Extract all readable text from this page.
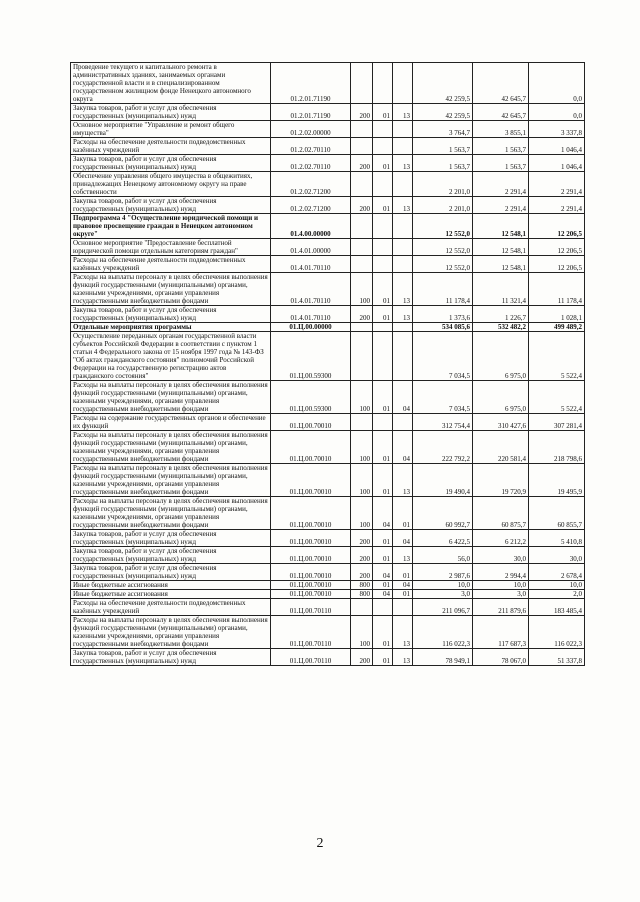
Проведение текущего и капитального ремонта в административных зданиях, занимаемых органами государственной власти и в специализированном государственном жилищном фонде Ненецкого автономного округа	01.2.01.71190				42 259,5	42 645,7	0,0
Закупка товаров, работ и услуг для обеспечения государственных (муниципальных) нужд	01.2.01.71190	200	01	13	42 259,5	42 645,7	0,0
Основное мероприятие "Управление и ремонт общего имущества"	01.2.02.00000				3 764,7	3 855,1	3 337,8
Расходы на обеспечение деятельности подведомственных казённых учреждений	01.2.02.70110				1 563,7	1 563,7	1 046,4
Закупка товаров, работ и услуг для обеспечения государственных (муниципальных) нужд	01.2.02.70110	200	01	13	1 563,7	1 563,7	1 046,4
Обеспечение управления общего имущества в общежитиях, принадлежащих Ненецкому автономному округу на праве собственности	01.2.02.71200				2 201,0	2 291,4	2 291,4
Закупка товаров, работ и услуг для обеспечения государственных (муниципальных) нужд	01.2.02.71200	200	01	13	2 201,0	2 291,4	2 291,4
Подпрограмма 4 "Осуществление юридической помощи и правовое просвещение граждан в Ненецком автономном округе"	01.4.00.00000				12 552,0	12 548,1	12 206,5
Основное мероприятие "Предоставление бесплатной юридической помощи отдельным категориям граждан"	01.4.01.00000				12 552,0	12 548,1	12 206,5
Расходы на обеспечение деятельности подведомственных казённых учреждений	01.4.01.70110				12 552,0	12 548,1	12 206,5
Расходы на выплаты персоналу в целях обеспечения выполнения функций государственными (муниципальными) органами, казенными учреждениями, органами управления государственными внебюджетными фондами	01.4.01.70110	100	01	13	11 178,4	11 321,4	11 178,4
Закупка товаров, работ и услуг для обеспечения государственных (муниципальных) нужд	01.4.01.70110	200	01	13	1 373,6	1 226,7	1 028,1
Отдельные мероприятия программы	01.Ц.00.00000				534 085,6	532 482,2	499 489,2
Осуществление переданных органам государственной власти субъектов Российской Федерации в соответствии с пунктом 1 статьи 4 Федерального закона от 15 ноября 1997 года № 143-ФЗ "Об актах гражданского состояния" полномочий Российской Федерации на государственную регистрацию актов гражданского состояния"	01.Ц.00.59300				7 034,5	6 975,0	5 522,4
Расходы на выплаты персоналу в целях обеспечения выполнения функций государственными (муниципальными) органами, казенными учреждениями, органами управления государственными внебюджетными фондами	01.Ц.00.59300	100	01	04	7 034,5	6 975,0	5 522,4
Расходы на содержание государственных органов и обеспечение их функций	01.Ц.00.70010				312 754,4	310 427,6	307 281,4
Расходы на выплаты персоналу в целях обеспечения выполнения функций государственными (муниципальными) органами, казенными учреждениями, органами управления государственными внебюджетными фондами	01.Ц.00.70010	100	01	04	222 792,2	220 581,4	218 798,6
Расходы на выплаты персоналу в целях обеспечения выполнения функций государственными (муниципальными) органами, казенными учреждениями, органами управления государственными внебюджетными фондами	01.Ц.00.70010	100	01	13	19 490,4	19 720,9	19 495,9
Расходы на выплаты персоналу в целях обеспечения выполнения функций государственными (муниципальными) органами, казенными учреждениями, органами управления государственными внебюджетными фондами	01.Ц.00.70010	100	04	01	60 992,7	60 875,7	60 855,7
Закупка товаров, работ и услуг для обеспечения государственных (муниципальных) нужд	01.Ц.00.70010	200	01	04	6 422,5	6 212,2	5 410,8
Закупка товаров, работ и услуг для обеспечения государственных (муниципальных) нужд	01.Ц.00.70010	200	01	13	56,0	30,0	30,0
Закупка товаров, работ и услуг для обеспечения государственных (муниципальных) нужд	01.Ц.00.70010	200	04	01	2 987,6	2 994,4	2 678,4
Иные бюджетные ассигнования	01.Ц.00.70010	800	01	04	10,0	10,0	10,0
Иные бюджетные ассигнования	01.Ц.00.70010	800	04	01	3,0	3,0	2,0
Расходы на обеспечение деятельности подведомственных казённых учреждений	01.Ц.00.70110				211 096,7	211 879,6	183 485,4
Расходы на выплаты персоналу в целях обеспечения выполнения функций государственными (муниципальными) органами, казенными учреждениями, органами управления государственными внебюджетными фондами	01.Ц.00.70110	100	01	13	116 022,3	117 687,3	116 022,3
Закупка товаров, работ и услуг для обеспечения государственных (муниципальных) нужд	01.Ц.00.70110	200	01	13	78 949,1	78 067,0	51 337,8
2
